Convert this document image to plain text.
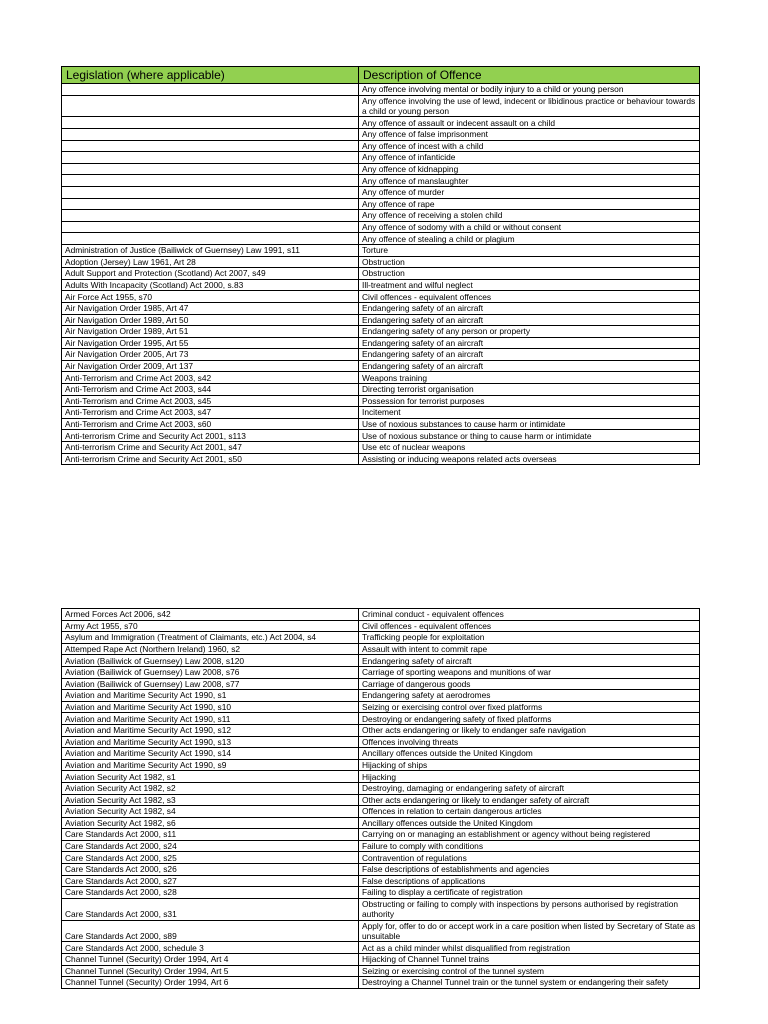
Legislation (where applicable)	Description of Offence
	Any offence involving mental or bodily injury to a child or young person
	Any offence involving the use of lewd, indecent or libidinous practice or behaviour towards a child or young person
	Any offence of assault or indecent assault on a child
	Any offence of false imprisonment
	Any offence of incest with a child
	Any offence of infanticide
	Any offence of kidnapping
	Any offence of manslaughter
	Any offence of murder
	Any offence of rape
	Any offence of receiving a stolen child
	Any offence of sodomy with a child or without consent
	Any offence of stealing a child or plagium
Administration of Justice (Bailiwick of Guernsey) Law 1991, s11	Torture
Adoption (Jersey) Law 1961, Art 28	Obstruction
Adult Support and Protection (Scotland) Act 2007, s49	Obstruction
Adults With Incapacity (Scotland) Act 2000, s.83	Ill-treatment and wilful neglect
Air Force Act 1955, s70	Civil offences - equivalent offences
Air Navigation Order 1985, Art 47	Endangering safety of an aircraft
Air Navigation Order 1989, Art 50	Endangering safety of an aircraft
Air Navigation Order 1989, Art 51	Endangering safety of any person or property
Air Navigation Order 1995, Art 55	Endangering safety of an aircraft
Air Navigation Order 2005, Art 73	Endangering safety of an aircraft
Air Navigation Order 2009, Art 137	Endangering safety of an aircraft
Anti-Terrorism and Crime Act 2003, s42	Weapons training
Anti-Terrorism and Crime Act 2003, s44	Directing terrorist organisation
Anti-Terrorism and Crime Act 2003, s45	Possession for terrorist purposes
Anti-Terrorism and Crime Act 2003, s47	Incitement
Anti-Terrorism and Crime Act 2003, s60	Use of noxious substances to cause harm or intimidate
Anti-terrorism Crime and Security Act 2001, s113	Use of noxious substance or thing to cause harm or intimidate
Anti-terrorism Crime and Security Act 2001, s47	Use etc of nuclear weapons
Anti-terrorism Crime and Security Act 2001, s50	Assisting or inducing weapons related acts overseas
Armed Forces Act 2006, s42	Criminal conduct - equivalent offences
Army Act 1955, s70	Civil offences - equivalent offences
Asylum and Immigration (Treatment of Claimants, etc.) Act 2004, s4	Trafficking people for exploitation
Attemped Rape Act (Northern Ireland) 1960, s2	Assault with intent to commit rape
Aviation (Bailiwick of Guernsey) Law 2008, s120	Endangering safety of aircraft
Aviation (Bailiwick of Guernsey) Law 2008, s76	Carriage of sporting weapons and munitions of war
Aviation (Bailiwick of Guernsey) Law 2008, s77	Carriage of dangerous goods
Aviation and Maritime Security Act 1990, s1	Endangering safety at aerodromes
Aviation and Maritime Security Act 1990, s10	Seizing or exercising control over fixed platforms
Aviation and Maritime Security Act 1990, s11	Destroying or endangering safety of fixed platforms
Aviation and Maritime Security Act 1990, s12	Other acts endangering or likely to endanger safe navigation
Aviation and Maritime Security Act 1990, s13	Offences involving threats
Aviation and Maritime Security Act 1990, s14	Ancillary offences outside the United Kingdom
Aviation and Maritime Security Act 1990, s9	Hijacking of ships
Aviation Security Act 1982, s1	Hijacking
Aviation Security Act 1982, s2	Destroying, damaging or endangering safety of aircraft
Aviation Security Act 1982, s3	Other acts endangering or likely to endanger safety of aircraft
Aviation Security Act 1982, s4	Offences in relation to certain dangerous articles
Aviation Security Act 1982, s6	Ancillary offences outside the United Kingdom
Care Standards Act 2000, s11	Carrying on or managing an establishment or agency without being registered
Care Standards Act 2000, s24	Failure to comply with conditions
Care Standards Act 2000, s25	Contravention of regulations
Care Standards Act 2000, s26	False descriptions of establishments and agencies
Care Standards Act 2000, s27	False descriptions of applications
Care Standards Act 2000, s28	Failing to display a certificate of registration
Care Standards Act 2000, s31	Obstructing or failing to comply with inspections by persons authorised by registration authority
Care Standards Act 2000, s89	Apply for, offer to do or accept work in a care position when listed by Secretary of State as unsuitable
Care Standards Act 2000, schedule 3	Act as a child minder whilst disqualified from registration
Channel Tunnel (Security) Order 1994, Art 4	Hijacking of Channel Tunnel trains
Channel Tunnel (Security) Order 1994, Art 5	Seizing or exercising control of the tunnel system
Channel Tunnel (Security) Order 1994, Art 6	Destroying a Channel Tunnel train or the tunnel system or endangering their safety
